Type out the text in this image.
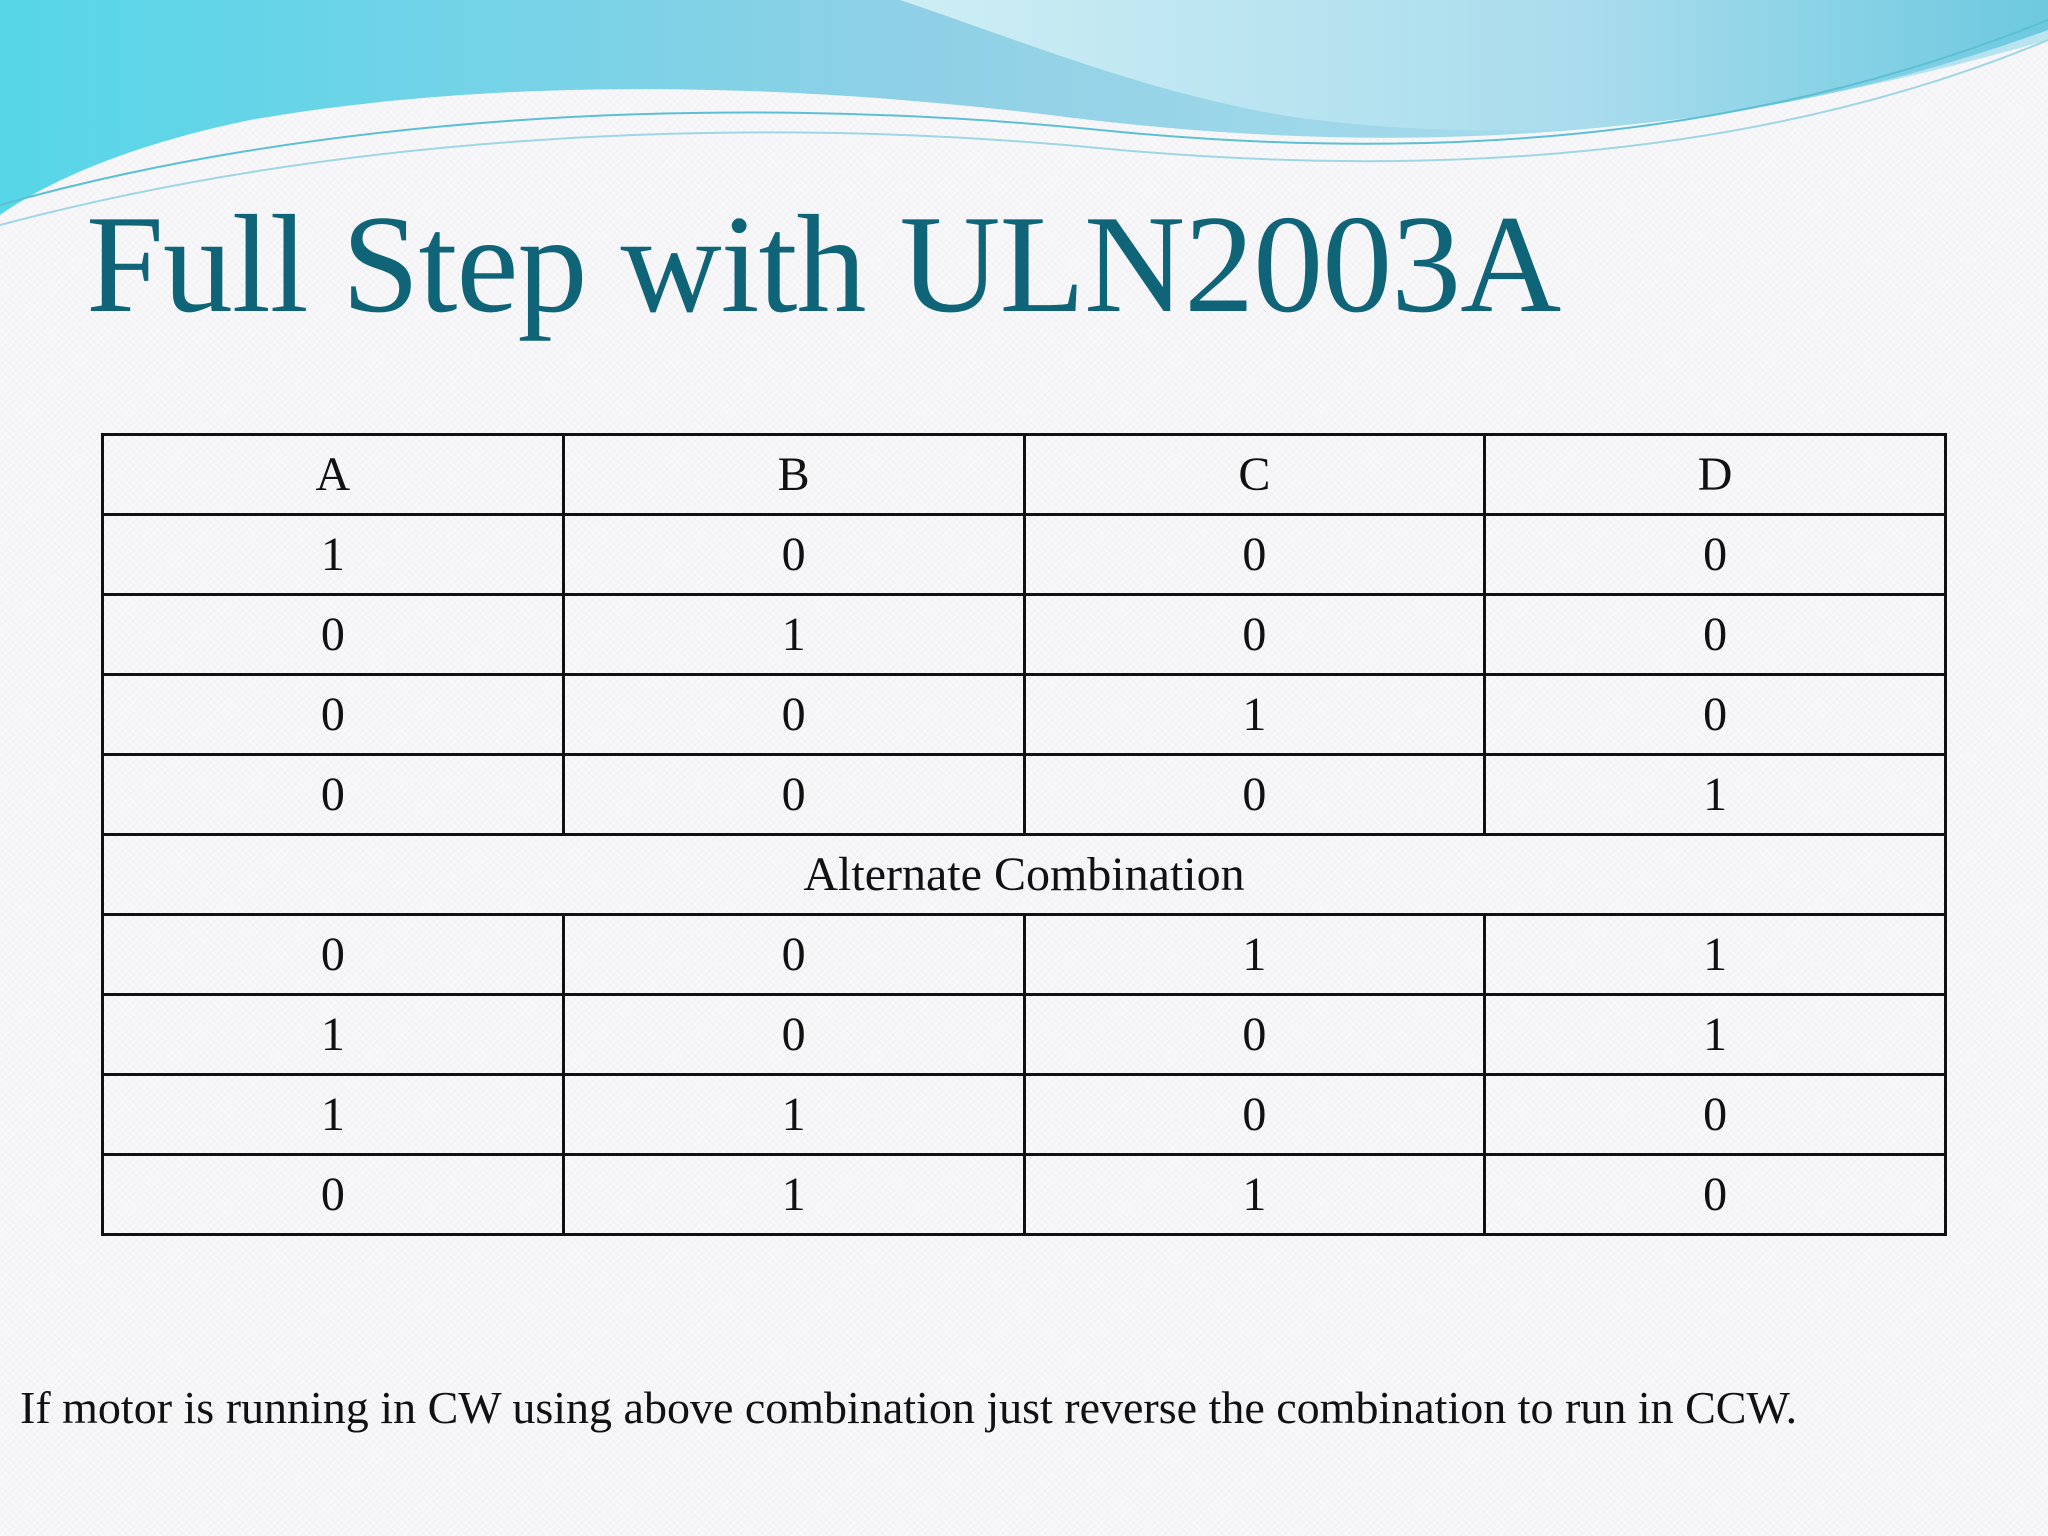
Full Step with ULN2003A
A	B	C	D
1	0	0	0
0	1	0	0
0	0	1	0
0	0	0	1
Alternate Combination			
0	0	1	1
1	0	0	1
1	1	0	0
0	1	1	0
If motor is running in CW using above combination just reverse the combination to run in CCW.
